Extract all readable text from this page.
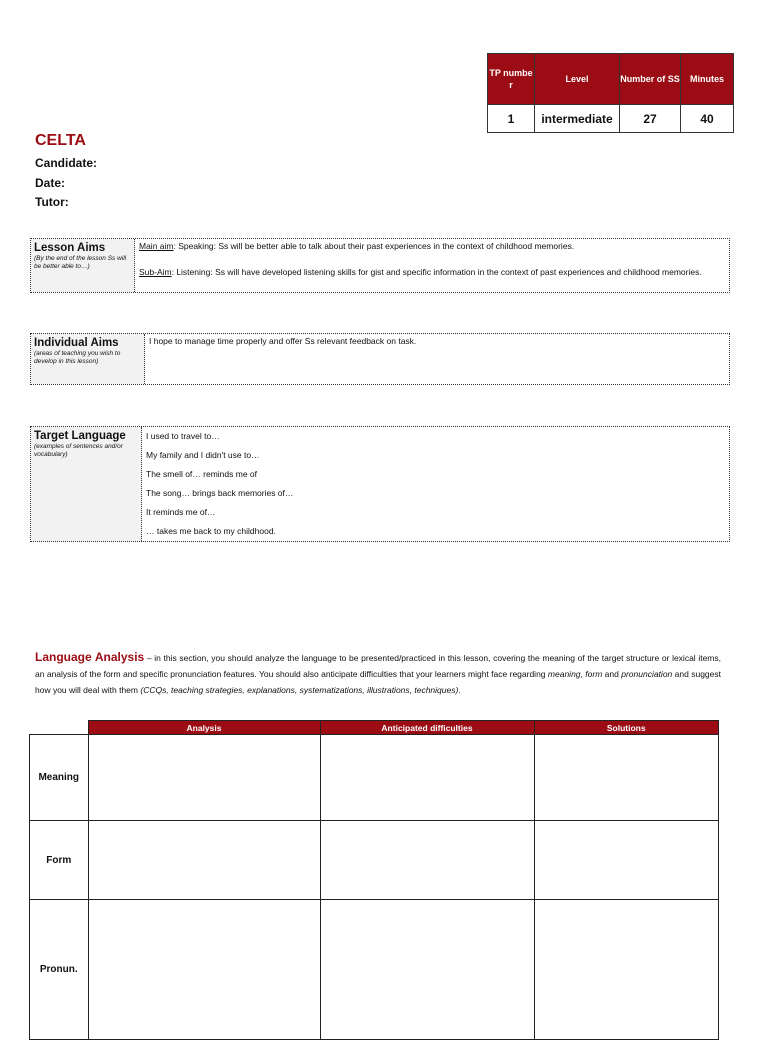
TP numbe r	Level	Number of SS	Minutes
1	intermediate	27	40
CELTA
Candidate:
Date:
Tutor:
Lesson Aims
(By the end of the lesson Ss will be better able to…)
Main aim: Speaking: Ss will be better able to talk about their past experiences in the context of childhood memories.
Sub-Aim: Listening: Ss will have developed listening skills for gist and specific information in the context of past experiences and childhood memories.
Individual Aims
(areas of teaching you wish to develop in this lesson)
I hope to manage time properly and offer Ss relevant feedback on task.
Target Language
(examples of sentences and/or vocabulary)
I used to travel to…
My family and I didn't use to…
The smell of… reminds me of
The song… brings back memories of…
It reminds me of…
… takes me back to my childhood.
Language Analysis – in this section, you should analyze the language to be presented/practiced in this lesson, covering the meaning of the target structure or lexical items, an analysis of the form and specific pronunciation features. You should also anticipate difficulties that your learners might face regarding meaning, form and pronunciation and suggest how you will deal with them (CCQs, teaching strategies, explanations, systematizations, illustrations, techniques).
	Analysis	Anticipated difficulties	Solutions
Meaning			
Form			
Pronun.			
